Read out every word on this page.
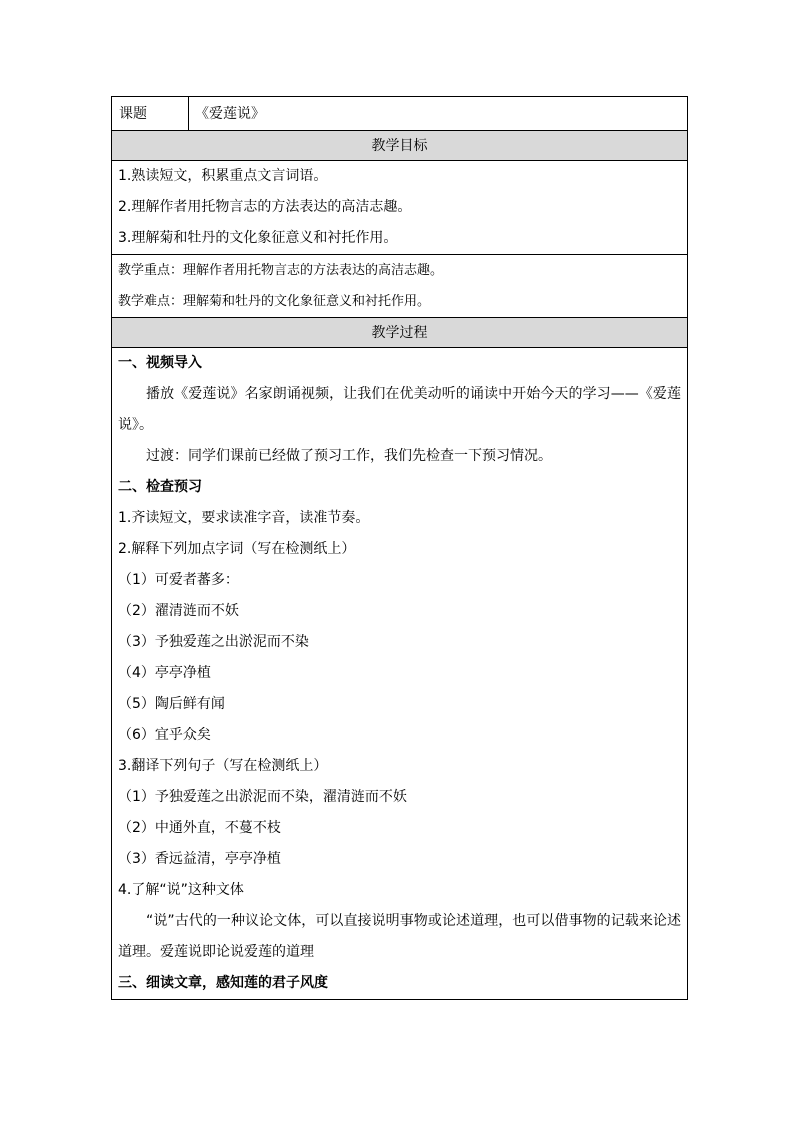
课题	《爱莲说》
教学目标
1.熟读短文，积累重点文言词语。
2.理解作者用托物言志的方法表达的高洁志趣。
3.理解菊和牡丹的文化象征意义和衬托作用。
教学重点：理解作者用托物言志的方法表达的高洁志趣。
教学难点：理解菊和牡丹的文化象征意义和衬托作用。
教学过程
一、视频导入
播放《爱莲说》名家朗诵视频，让我们在优美动听的诵读中开始今天的学习——《爱莲说》。
过渡：同学们课前已经做了预习工作，我们先检查一下预习情况。
二、检查预习
1.齐读短文，要求读准字音，读准节奏。
2.解释下列加点字词（写在检测纸上）
（1）可爱者蕃多：
（2）濯清涟而不妖
（3）予独爱莲之出淤泥而不染
（4）亭亭净植
（5）陶后鲜有闻
（6）宜乎众矣
3.翻译下列句子（写在检测纸上）
（1）予独爱莲之出淤泥而不染，濯清涟而不妖
（2）中通外直，不蔓不枝
（3）香远益清，亭亭净植
4.了解“说”这种文体
“说”古代的一种议论文体，可以直接说明事物或论述道理，也可以借事物的记载来论述道理。爱莲说即论说爱莲的道理
三、细读文章，感知莲的君子风度
